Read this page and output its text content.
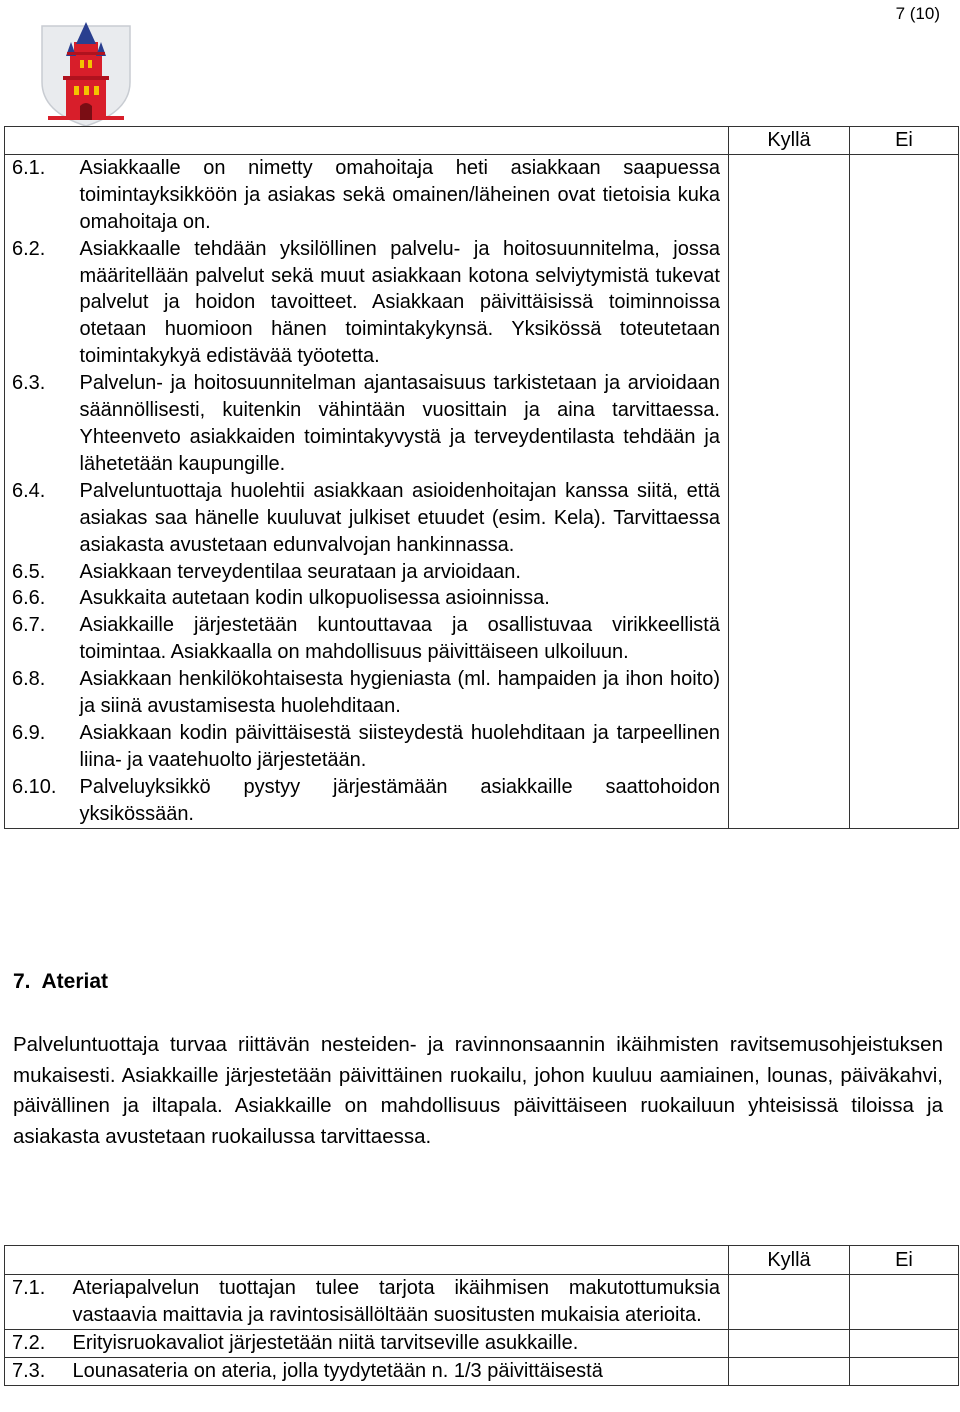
7 (10)
		Kyllä	Ei
6.1.	Asiakkaalle on nimetty omahoitaja heti asiakkaan saapuessa toimintayksikköön ja asiakas sekä omainen/läheinen ovat tietoisia kuka omahoitaja on.		
6.2.	Asiakkaalle tehdään yksilöllinen palvelu- ja hoitosuunnitelma, jossa määritellään palvelut sekä muut asiakkaan kotona selviytymistä tukevat palvelut ja hoidon tavoitteet. Asiakkaan päivittäisissä toiminnoissa otetaan huomioon hänen toimintakykynsä. Yksikössä toteutetaan toimintakykyä edistävää työotetta.		
6.3.	Palvelun- ja hoitosuunnitelman ajantasaisuus tarkistetaan ja arvioidaan säännöllisesti, kuitenkin vähintään vuosittain ja aina tarvittaessa. Yhteenveto asiakkaiden toimintakyvystä ja terveydentilasta tehdään ja lähetetään kaupungille.		
6.4.	Palveluntuottaja huolehtii asiakkaan asioidenhoitajan kanssa siitä, että asiakas saa hänelle kuuluvat julkiset etuudet (esim. Kela). Tarvittaessa asiakasta avustetaan edunvalvojan hankinnassa.		
6.5.	Asiakkaan terveydentilaa seurataan ja arvioidaan.		
6.6.	Asukkaita autetaan kodin ulkopuolisessa asioinnissa.		
6.7.	Asiakkaille järjestetään kuntouttavaa ja osallistuvaa virikkeellistä toimintaa. Asiakkaalla on mahdollisuus päivittäiseen ulkoiluun.		
6.8.	Asiakkaan henkilökohtaisesta hygieniasta (ml. hampaiden ja ihon hoito) ja siinä avustamisesta huolehditaan.		
6.9.	Asiakkaan kodin päivittäisestä siisteydestä huolehditaan ja tarpeellinen liina- ja vaatehuolto järjestetään.		
6.10.	Palveluyksikkö pystyy järjestämään asiakkaille saattohoidon yksikössään.		
7. Ateriat
Palveluntuottaja turvaa riittävän nesteiden- ja ravinnonsaannin ikäihmisten ravitsemusohjeistuksen mukaisesti. Asiakkaille järjestetään päivittäinen ruokailu, johon kuuluu aamiainen, lounas, päiväkahvi, päivällinen ja iltapala. Asiakkaille on mahdollisuus päivittäiseen ruokailuun yhteisissä tiloissa ja asiakasta avustetaan ruokailussa tarvittaessa.
		Kyllä	Ei
7.1.	Ateriapalvelun tuottajan tulee tarjota ikäihmisen makutottumuksia vastaavia maittavia ja ravintosisällöltään suositusten mukaisia aterioita.		
7.2.	Erityisruokavaliot järjestetään niitä tarvitseville asukkaille.		
7.3.	Lounasateria on ateria, jolla tyydytetään n. 1/3 päivittäisestä		
